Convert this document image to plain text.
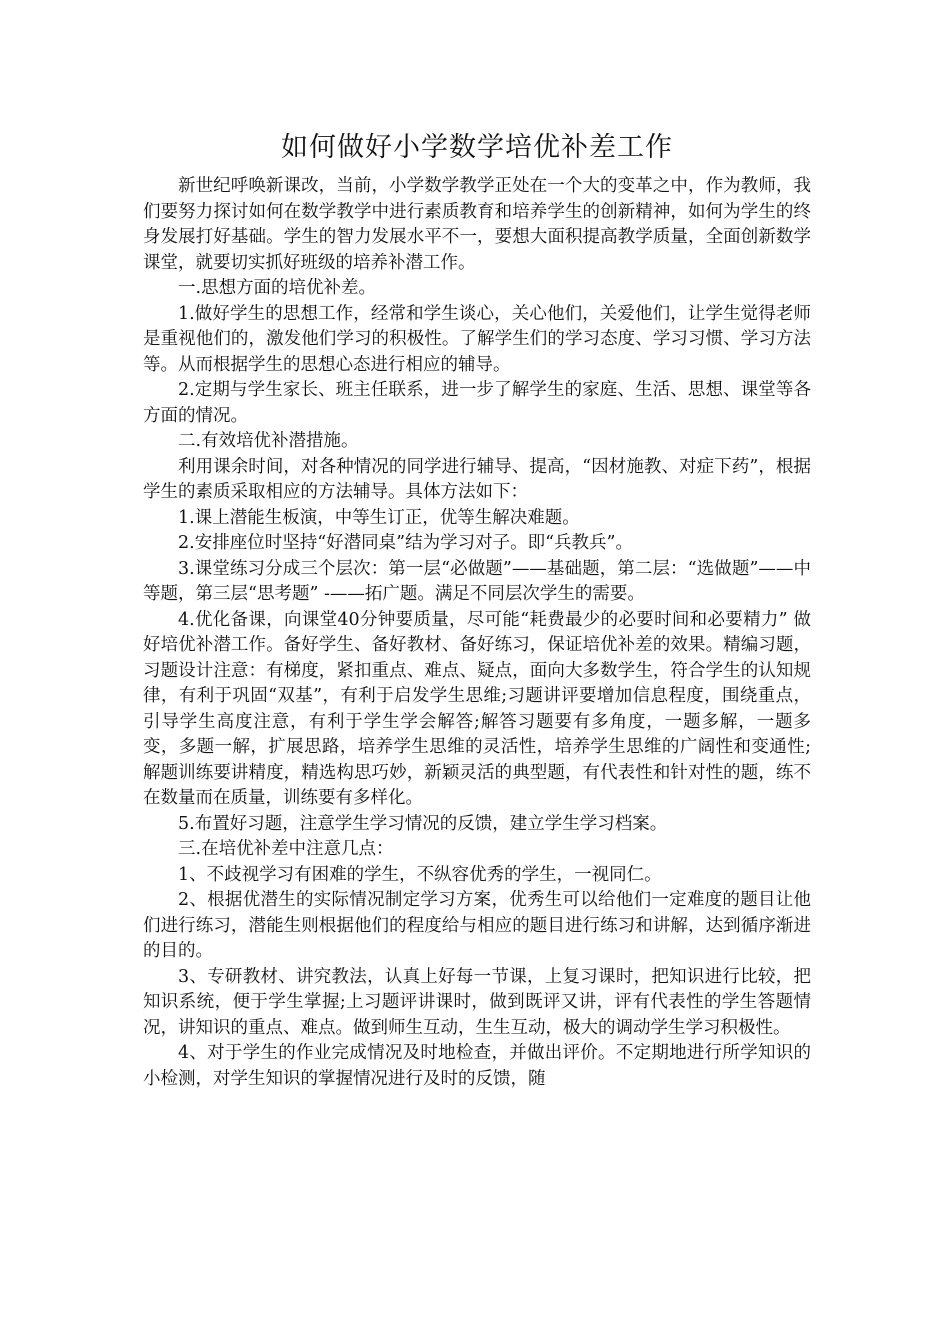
如何做好小学数学培优补差工作

新世纪呼唤新课改，当前，小学数学教学正处在一个大的变革之中，作为教师，我们要努力探讨如何在数学教学中进行素质教育和培养学生的创新精神，如何为学生的终身发展打好基础。学生的智力发展水平不一，要想大面积提高教学质量，全面创新数学课堂，就要切实抓好班级的培养补潜工作。

一.思想方面的培优补差。

1.做好学生的思想工作，经常和学生谈心，关心他们，关爱他们，让学生觉得老师是重视他们的，激发他们学习的积极性。了解学生们的学习态度、学习习惯、学习方法等。从而根据学生的思想心态进行相应的辅导。

2.定期与学生家长、班主任联系，进一步了解学生的家庭、生活、思想、课堂等各方面的情况。

二.有效培优补潜措施。

利用课余时间，对各种情况的同学进行辅导、提高，“因材施教、对症下药”，根据学生的素质采取相应的方法辅导。具体方法如下：

1.课上潜能生板演，中等生订正，优等生解决难题。

2.安排座位时坚持“好潜同桌”结为学习对子。即“兵教兵”。

3.课堂练习分成三个层次：第一层“必做题”——基础题，第二层：“选做题”——中等题，第三层“思考题” -——拓广题。满足不同层次学生的需要。

4.优化备课，向课堂40分钟要质量，尽可能“耗费最少的必要时间和必要精力” 做好培优补潜工作。备好学生、备好教材、备好练习，保证培优补差的效果。精编习题，习题设计注意：有梯度，紧扣重点、难点、疑点，面向大多数学生，符合学生的认知规律，有利于巩固“双基”，有利于启发学生思维;习题讲评要增加信息程度，围绕重点，引导学生高度注意，有利于学生学会解答;解答习题要有多角度，一题多解，一题多变，多题一解，扩展思路，培养学生思维的灵活性，培养学生思维的广阔性和变通性;解题训练要讲精度，精选构思巧妙，新颖灵活的典型题，有代表性和针对性的题，练不在数量而在质量，训练要有多样化。

5.布置好习题，注意学生学习情况的反馈，建立学生学习档案。

三.在培优补差中注意几点：

1、不歧视学习有困难的学生，不纵容优秀的学生，一视同仁。

2、根据优潜生的实际情况制定学习方案，优秀生可以给他们一定难度的题目让他们进行练习，潜能生则根据他们的程度给与相应的题目进行练习和讲解，达到循序渐进的目的。

3、专研教材、讲究教法，认真上好每一节课，上复习课时，把知识进行比较，把知识系统，便于学生掌握;上习题评讲课时，做到既评又讲，评有代表性的学生答题情况，讲知识的重点、难点。做到师生互动，生生互动，极大的调动学生学习积极性。

4、对于学生的作业完成情况及时地检查，并做出评价。不定期地进行所学知识的小检测，对学生知识的掌握情况进行及时的反馈，随
